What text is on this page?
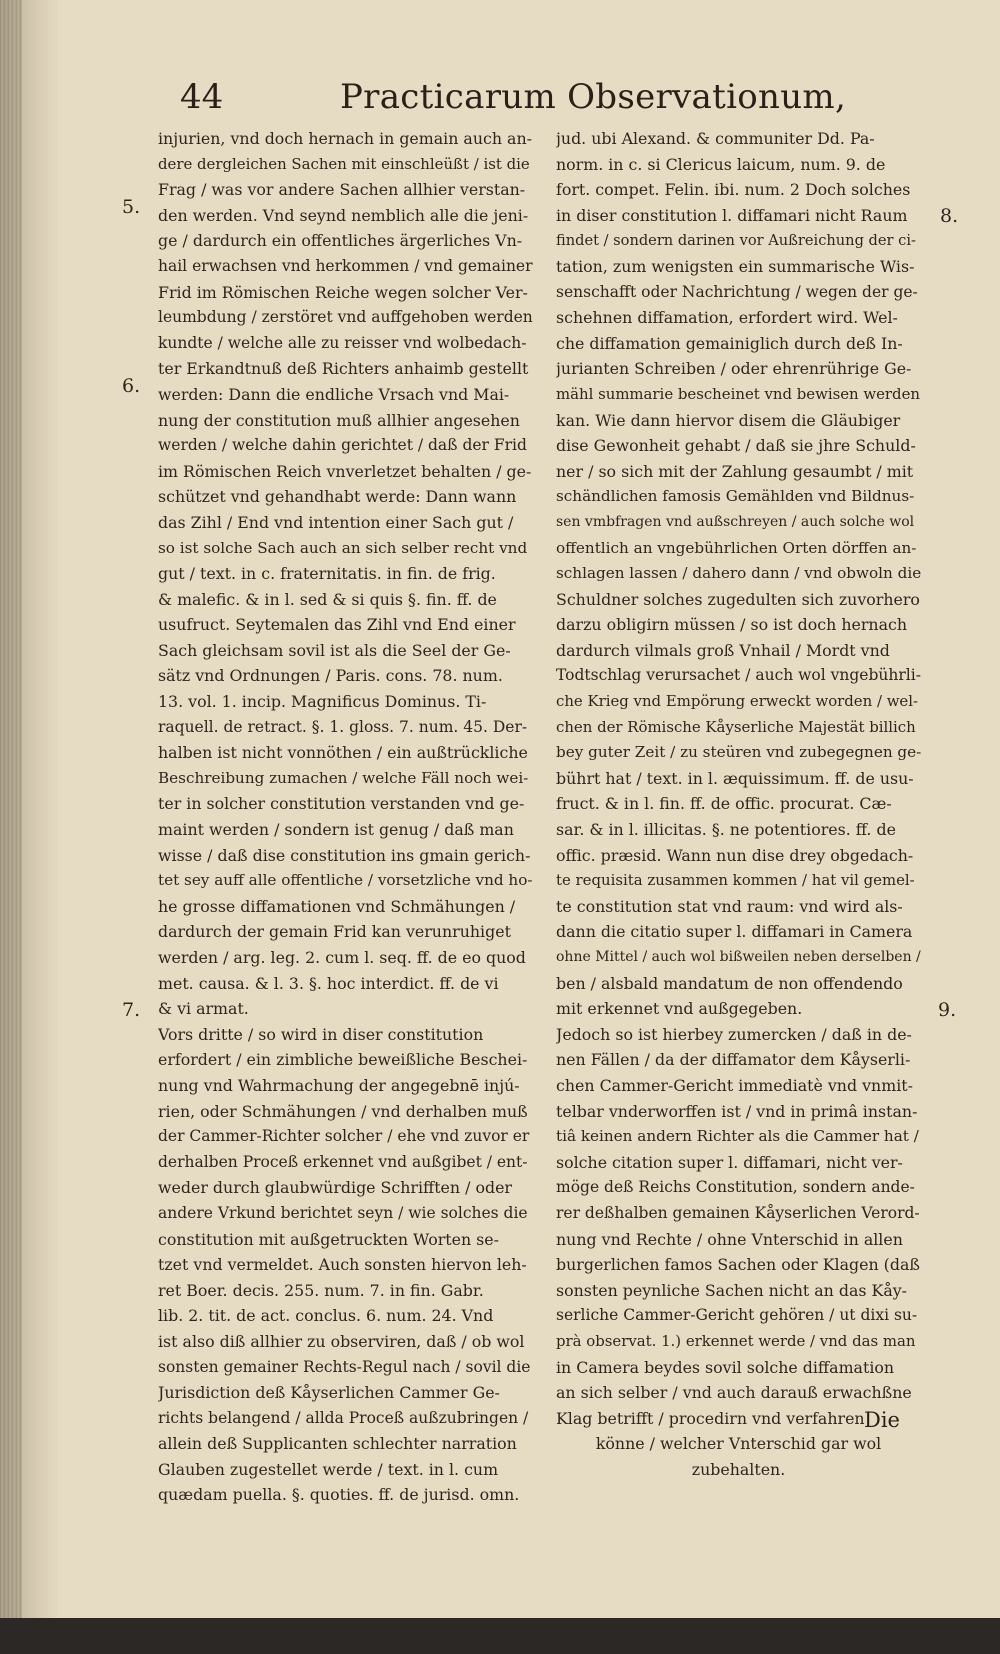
44	Practicarum Observationum,
injurien, vnd doch hernach in gemain auch an-
dere dergleichen Sachen mit einschleüßt / ist die
Frag / was vor andere Sachen allhier verstan-
den werden. Vnd seynd nemblich alle die jeni-
ge / dardurch ein offentliches ärgerliches Vn-
hail erwachsen vnd herkommen / vnd gemainer
Frid im Römischen Reiche wegen solcher Ver-
leumbdung / zerstöret vnd auffgehoben werden
kundte / welche alle zu reisser vnd wolbedach-
ter Erkandtnuß deß Richters anhaimb gestellt
werden: Dann die endliche Vrsach vnd Mai-
nung der constitution muß allhier angesehen
werden / welche dahin gerichtet / daß der Frid
im Römischen Reich vnverletzet behalten / ge-
schützet vnd gehandhabt werde: Dann wann
das Zihl / End vnd intention einer Sach gut /
so ist solche Sach auch an sich selber recht vnd
gut / text. in c. fraternitatis. in fin. de frig.
& malefic. & in l. sed & si quis §. fin. ff. de
usufruct. Seytemalen das Zihl vnd End einer
Sach gleichsam sovil ist als die Seel der Ge-
sätz vnd Ordnungen / Paris. cons. 78. num.
13. vol. 1. incip. Magnificus Dominus. Ti-
raquell. de retract. §. 1. gloss. 7. num. 45. Der-
halben ist nicht vonnöthen / ein außtrückliche
Beschreibung zumachen / welche Fäll noch wei-
ter in solcher constitution verstanden vnd ge-
maint werden / sondern ist genug / daß man
wisse / daß dise constitution ins gmain gerich-
tet sey auff alle offentliche / vorsetzliche vnd ho-
he grosse diffamationen vnd Schmähungen /
dardurch der gemain Frid kan verunruhiget
werden / arg. leg. 2. cum l. seq. ff. de eo quod
met. causa. & l. 3. §. hoc interdict. ff. de vi
& vi armat.
Vors dritte / so wird in diser constitution
erfordert / ein zimbliche beweißliche Beschei-
nung vnd Wahrmachung der angegebnē injú-
rien, oder Schmähungen / vnd derhalben muß
der Cammer-Richter solcher / ehe vnd zuvor er
derhalben Proceß erkennet vnd außgibet / ent-
weder durch glaubwürdige Schrifften / oder
andere Vrkund berichtet seyn / wie solches die
constitution mit außgetruckten Worten se-
tzet vnd vermeldet. Auch sonsten hiervon leh-
ret Boer. decis. 255. num. 7. in fin. Gabr.
lib. 2. tit. de act. conclus. 6. num. 24. Vnd
ist also diß allhier zu observiren, daß / ob wol
sonsten gemainer Rechts-Regul nach / sovil die
Jurisdiction deß Kåyserlichen Cammer Ge-
richts belangend / allda Proceß außzubringen /
allein deß Supplicanten schlechter narration
Glauben zugestellet werde / text. in l. cum
quædam puella. §. quoties. ff. de jurisd. omn.
jud. ubi Alexand. & communiter Dd. Pa-
norm. in c. si Clericus laicum, num. 9. de
fort. compet. Felin. ibi. num. 2 Doch solches
in diser constitution l. diffamari nicht Raum
findet / sondern darinen vor Außreichung der ci-
tation, zum wenigsten ein summarische Wis-
senschafft oder Nachrichtung / wegen der ge-
schehnen diffamation, erfordert wird. Wel-
che diffamation gemainiglich durch deß In-
jurianten Schreiben / oder ehrenrührige Ge-
mähl summarie bescheinet vnd bewisen werden
kan. Wie dann hiervor disem die Gläubiger
dise Gewonheit gehabt / daß sie jhre Schuld-
ner / so sich mit der Zahlung gesaumbt / mit
schändlichen famosis Gemählden vnd Bildnus-
sen vmbfragen vnd außschreyen / auch solche wol
offentlich an vngebührlichen Orten dörffen an-
schlagen lassen / dahero dann / vnd obwoln die
Schuldner solches zugedulten sich zuvorhero
darzu obligirn müssen / so ist doch hernach
dardurch vilmals groß Vnhail / Mordt vnd
Todtschlag verursachet / auch wol vngebührli-
che Krieg vnd Empörung erweckt worden / wel-
chen der Römische Kåyserliche Majestät billich
bey guter Zeit / zu steüren vnd zubegegnen ge-
bührt hat / text. in l. æquissimum. ff. de usu-
fruct. & in l. fin. ff. de offic. procurat. Cæ-
sar. & in l. illicitas. §. ne potentiores. ff. de
offic. præsid. Wann nun dise drey obgedach-
te requisita zusammen kommen / hat vil gemel-
te constitution stat vnd raum: vnd wird als-
dann die citatio super l. diffamari in Camera
ohne Mittel / auch wol bißweilen neben derselben /
ben / alsbald mandatum de non offendendo
mit erkennet vnd außgegeben.
Jedoch so ist hierbey zumercken / daß in de-
nen Fällen / da der diffamator dem Kåyserli-
chen Cammer-Gericht immediatè vnd vnmit-
telbar vnderworffen ist / vnd in primâ instan-
tiâ keinen andern Richter als die Cammer hat /
solche citation super l. diffamari, nicht ver-
möge deß Reichs Constitution, sondern ande-
rer deßhalben gemainen Kåyserlichen Verord-
nung vnd Rechte / ohne Vnterschid in allen
burgerlichen famos Sachen oder Klagen (daß
sonsten peynliche Sachen nicht an das Kåy-
serliche Cammer-Gericht gehören / ut dixi su-
prà observat. 1.) erkennet werde / vnd das man
in Camera beydes sovil solche diffamation
an sich selber / vnd auch darauß erwachßne
Klag betrifft / procedirn vnd verfahren
könne / welcher Vnterschid gar wol
zubehalten.
5.
6.
7.
8.
9.
Die
